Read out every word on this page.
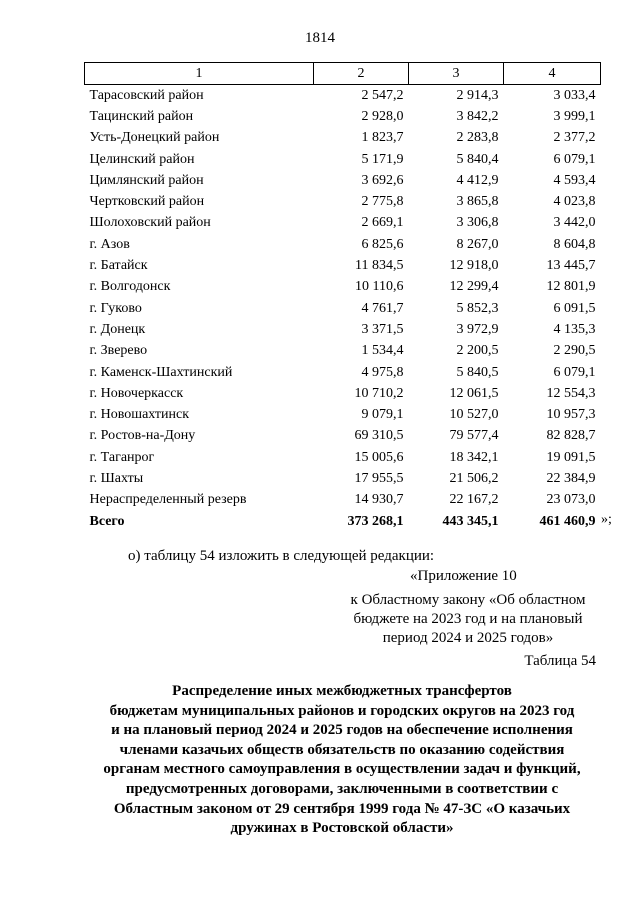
1814
1	2	3	4
Тарасовский район	2 547,2	2 914,3	3 033,4
Тацинский район	2 928,0	3 842,2	3 999,1
Усть-Донецкий район	1 823,7	2 283,8	2 377,2
Целинский район	5 171,9	5 840,4	6 079,1
Цимлянский район	3 692,6	4 412,9	4 593,4
Чертковский район	2 775,8	3 865,8	4 023,8
Шолоховский район	2 669,1	3 306,8	3 442,0
г. Азов	6 825,6	8 267,0	8 604,8
г. Батайск	11 834,5	12 918,0	13 445,7
г. Волгодонск	10 110,6	12 299,4	12 801,9
г. Гуково	4 761,7	5 852,3	6 091,5
г. Донецк	3 371,5	3 972,9	4 135,3
г. Зверево	1 534,4	2 200,5	2 290,5
г. Каменск-Шахтинский	4 975,8	5 840,5	6 079,1
г. Новочеркасск	10 710,2	12 061,5	12 554,3
г. Новошахтинск	9 079,1	10 527,0	10 957,3
г. Ростов-на-Дону	69 310,5	79 577,4	82 828,7
г. Таганрог	15 005,6	18 342,1	19 091,5
г. Шахты	17 955,5	21 506,2	22 384,9
Нераспределенный резерв	14 930,7	22 167,2	23 073,0
Всего	373 268,1	443 345,1	461 460,9 »;
о) таблицу 54 изложить в следующей редакции:
«Приложение 10
к Областному закону «Об областном
бюджете на 2023 год и на плановый
период 2024 и 2025 годов»
Таблица 54
Распределение иных межбюджетных трансфертов
бюджетам муниципальных районов и городских округов на 2023 год
и на плановый период 2024 и 2025 годов на обеспечение исполнения
членами казачьих обществ обязательств по оказанию содействия
органам местного самоуправления в осуществлении задач и функций,
предусмотренных договорами, заключенными в соответствии с
Областным законом от 29 сентября 1999 года № 47-ЗС «О казачьих
дружинах в Ростовской области»
